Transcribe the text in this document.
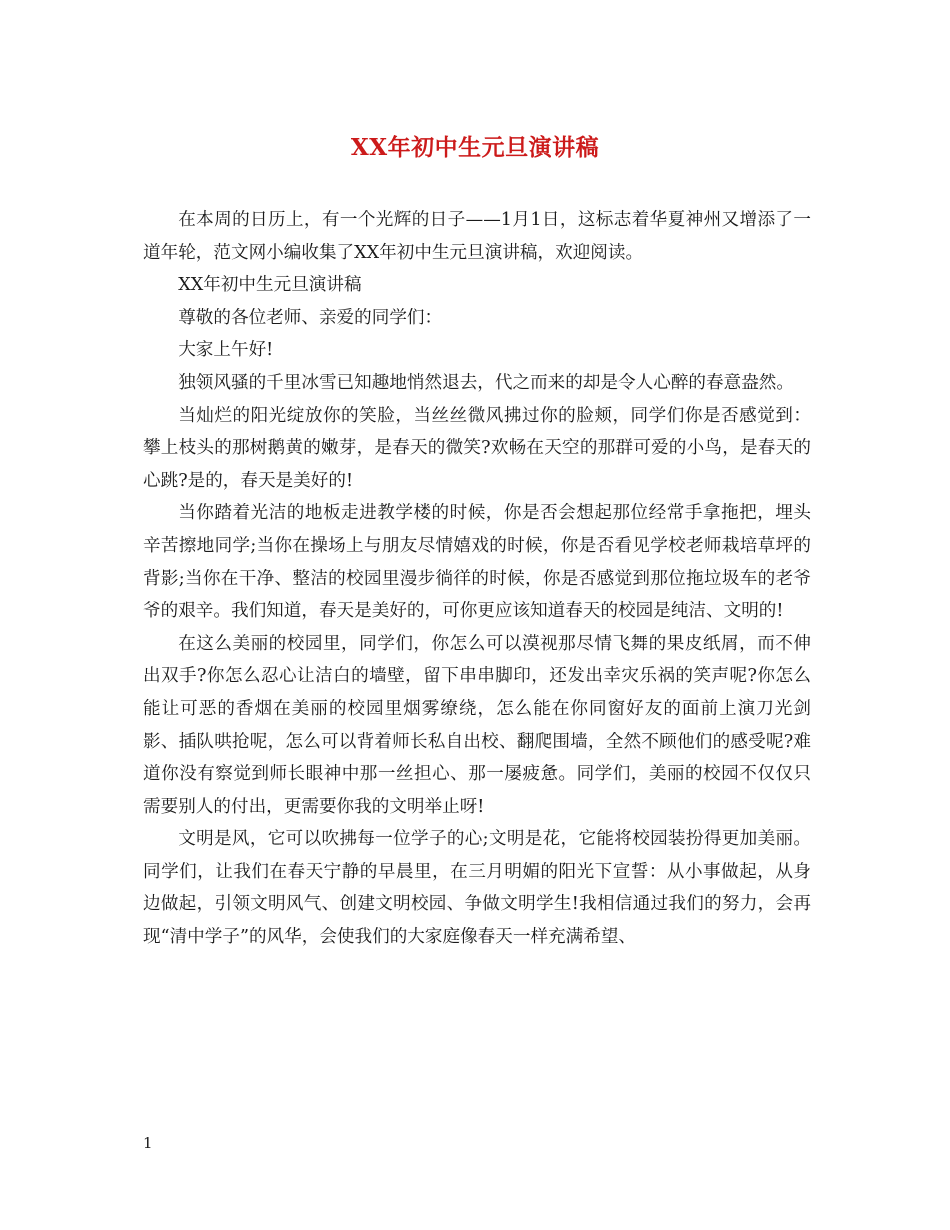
XX年初中生元旦演讲稿

在本周的日历上，有一个光辉的日子——1月1日，这标志着华夏神州又增添了一道年轮，范文网小编收集了XX年初中生元旦演讲稿，欢迎阅读。

XX年初中生元旦演讲稿

尊敬的各位老师、亲爱的同学们：

大家上午好!

独领风骚的千里冰雪已知趣地悄然退去，代之而来的却是令人心醉的春意盎然。

当灿烂的阳光绽放你的笑脸，当丝丝微风拂过你的脸颊，同学们你是否感觉到：攀上枝头的那树鹅黄的嫩芽，是春天的微笑?欢畅在天空的那群可爱的小鸟，是春天的心跳?是的，春天是美好的!

当你踏着光洁的地板走进教学楼的时候，你是否会想起那位经常手拿拖把，埋头辛苦擦地同学;当你在操场上与朋友尽情嬉戏的时候，你是否看见学校老师栽培草坪的背影;当你在干净、整洁的校园里漫步徜徉的时候，你是否感觉到那位拖垃圾车的老爷爷的艰辛。我们知道，春天是美好的，可你更应该知道春天的校园是纯洁、文明的!

在这么美丽的校园里，同学们，你怎么可以漠视那尽情飞舞的果皮纸屑，而不伸出双手?你怎么忍心让洁白的墙壁，留下串串脚印，还发出幸灾乐祸的笑声呢?你怎么能让可恶的香烟在美丽的校园里烟雾缭绕，怎么能在你同窗好友的面前上演刀光剑影、插队哄抢呢，怎么可以背着师长私自出校、翻爬围墙，全然不顾他们的感受呢?难道你没有察觉到师长眼神中那一丝担心、那一屡疲惫。同学们，美丽的校园不仅仅只需要别人的付出，更需要你我的文明举止呀!

文明是风，它可以吹拂每一位学子的心;文明是花，它能将校园装扮得更加美丽。同学们，让我们在春天宁静的早晨里，在三月明媚的阳光下宣誓：从小事做起，从身边做起，引领文明风气、创建文明校园、争做文明学生!我相信通过我们的努力，会再现“清中学子”的风华，会使我们的大家庭像春天一样充满希望、

1
